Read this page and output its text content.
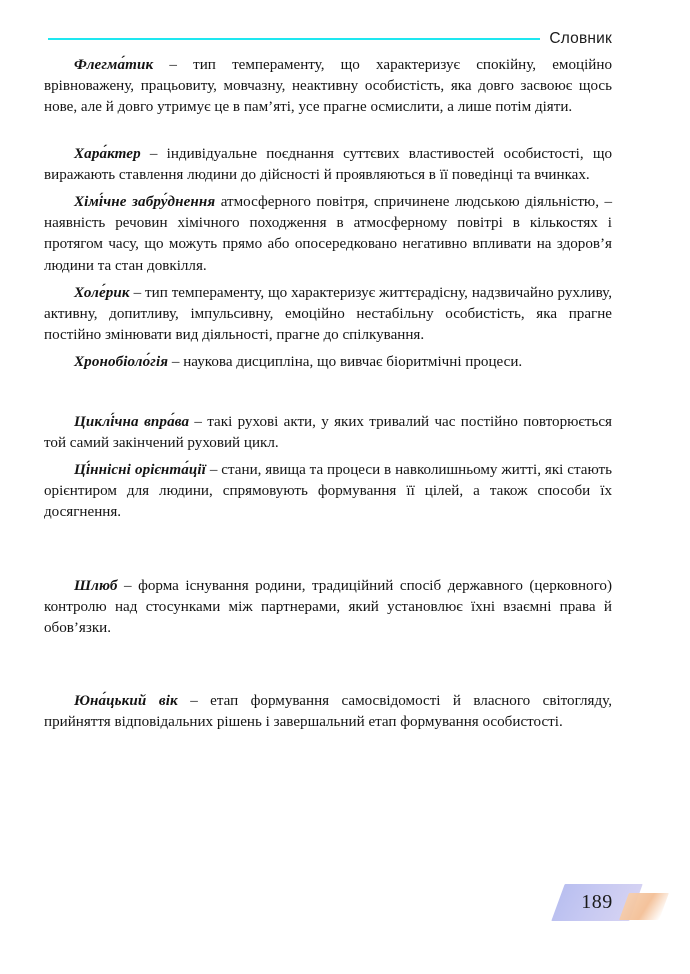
Словник

Флегма́тик – тип темпераменту, що характеризує спокійну, емоційно врівноважену, працьовиту, мовчазну, неактивну особистість, яка довго засвоює щось нове, але й довго утримує це в пам’яті, усе прагне осмислити, а лише потім діяти.

Хара́ктер – індивідуальне поєднання суттєвих властивостей особистості, що виражають ставлення людини до дійсності й проявляються в її поведінці та вчинках.

Хімі́чне забру́днення атмосферного повітря, спричинене людською діяльністю, – наявність речовин хімічного походження в атмосферному повітрі в кількостях і протягом часу, що можуть прямо або опосередковано негативно впливати на здоров’я людини та стан довкілля.

Холе́рик – тип темпераменту, що характеризує життєрадісну, надзвичайно рухливу, активну, допитливу, імпульсивну, емоційно нестабільну особистість, яка прагне постійно змінювати вид діяльності, прагне до спілкування.

Хронобіоло́гія – наукова дисципліна, що вивчає біоритмічні процеси.

Циклі́чна впра́ва – такі рухові акти, у яких тривалий час постійно повторюється той самий закінчений руховий цикл.

Ці́ннісні орієнта́ції – стани, явища та процеси в навколишньому житті, які стають орієнтиром для людини, спрямовують формування її цілей, а також способи їх досягнення.

Шлюб – форма існування родини, традиційний спосіб державного (церковного) контролю над стосунками між партнерами, який установлює їхні взаємні права й обов’язки.

Юна́цький вік – етап формування самосвідомості й власного світогляду, прийняття відповідальних рішень і завершальний етап формування особистості.

189
